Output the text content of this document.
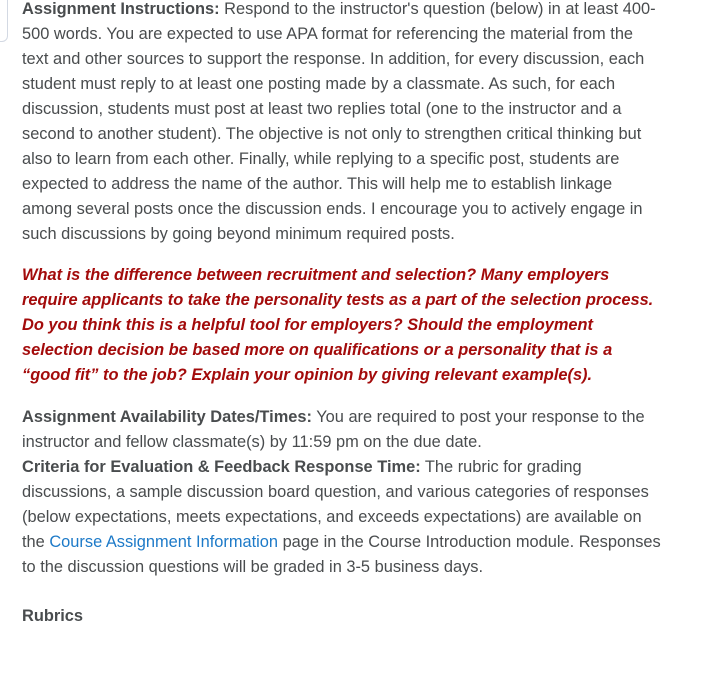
Assignment Instructions: Respond to the instructor's question (below) in at least 400-500 words. You are expected to use APA format for referencing the material from the text and other sources to support the response. In addition, for every discussion, each student must reply to at least one posting made by a classmate. As such, for each discussion, students must post at least two replies total (one to the instructor and a second to another student). The objective is not only to strengthen critical thinking but also to learn from each other. Finally, while replying to a specific post, students are expected to address the name of the author. This will help me to establish linkage among several posts once the discussion ends. I encourage you to actively engage in such discussions by going beyond minimum required posts.

What is the difference between recruitment and selection? Many employers require applicants to take the personality tests as a part of the selection process. Do you think this is a helpful tool for employers? Should the employment selection decision be based more on qualifications or a personality that is a “good fit” to the job? Explain your opinion by giving relevant example(s).

Assignment Availability Dates/Times: You are required to post your response to the instructor and fellow classmate(s) by 11:59 pm on the due date.

Criteria for Evaluation & Feedback Response Time: The rubric for grading discussions, a sample discussion board question, and various categories of responses (below expectations, meets expectations, and exceeds expectations) are available on the Course Assignment Information page in the Course Introduction module. Responses to the discussion questions will be graded in 3-5 business days.

Rubrics
